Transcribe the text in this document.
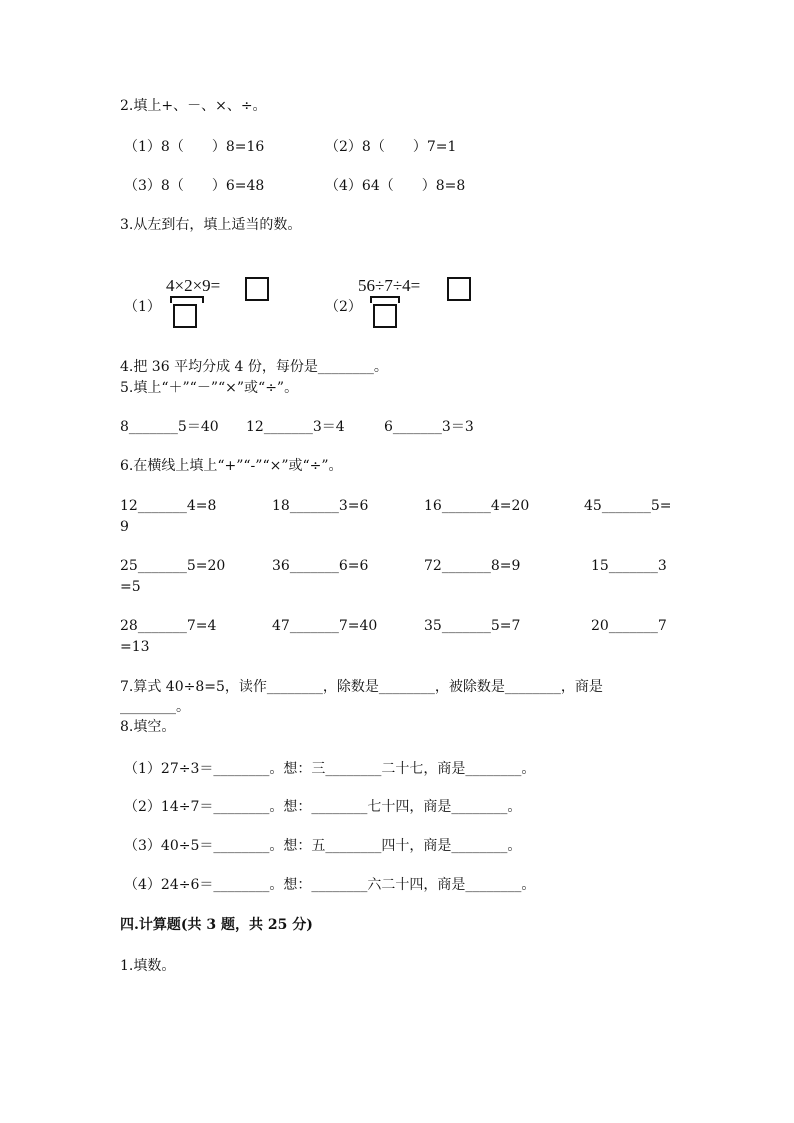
2.填上+、－、×、÷。
（1）8（　　）8=16	（2）8（　　）7=1
（3）8（　　）6=48	（4）64（　　）8=8
3.从左到右，填上适当的数。
（1）
4×2×9=
（2）
56÷7÷4=
4.把 36 平均分成 4 份，每份是________。
5.填上“＋”“－”“×”或“÷”。
8_______5＝40 12_______3＝4	6_______3＝3
6.在横线上填上“+”“-”“×”或“÷”。
12_______4=8	18_______3=6	16_______4=20	45_______5=
9
25_______5=20	36_______6=6	72_______8=9	15_______3
=5
28_______7=4	47_______7=40	35_______5=7	20_______7
=13
7.算式 40÷8=5，读作________，除数是________，被除数是________，商是
________。
8.填空。
（1）27÷3＝________。想：三________二十七，商是________。
（2）14÷7＝________。想：________七十四，商是________。
（3）40÷5＝________。想：五________四十，商是________。
（4）24÷6＝________。想：________六二十四，商是________。
四.计算题(共 3 题，共 25 分)
1.填数。
